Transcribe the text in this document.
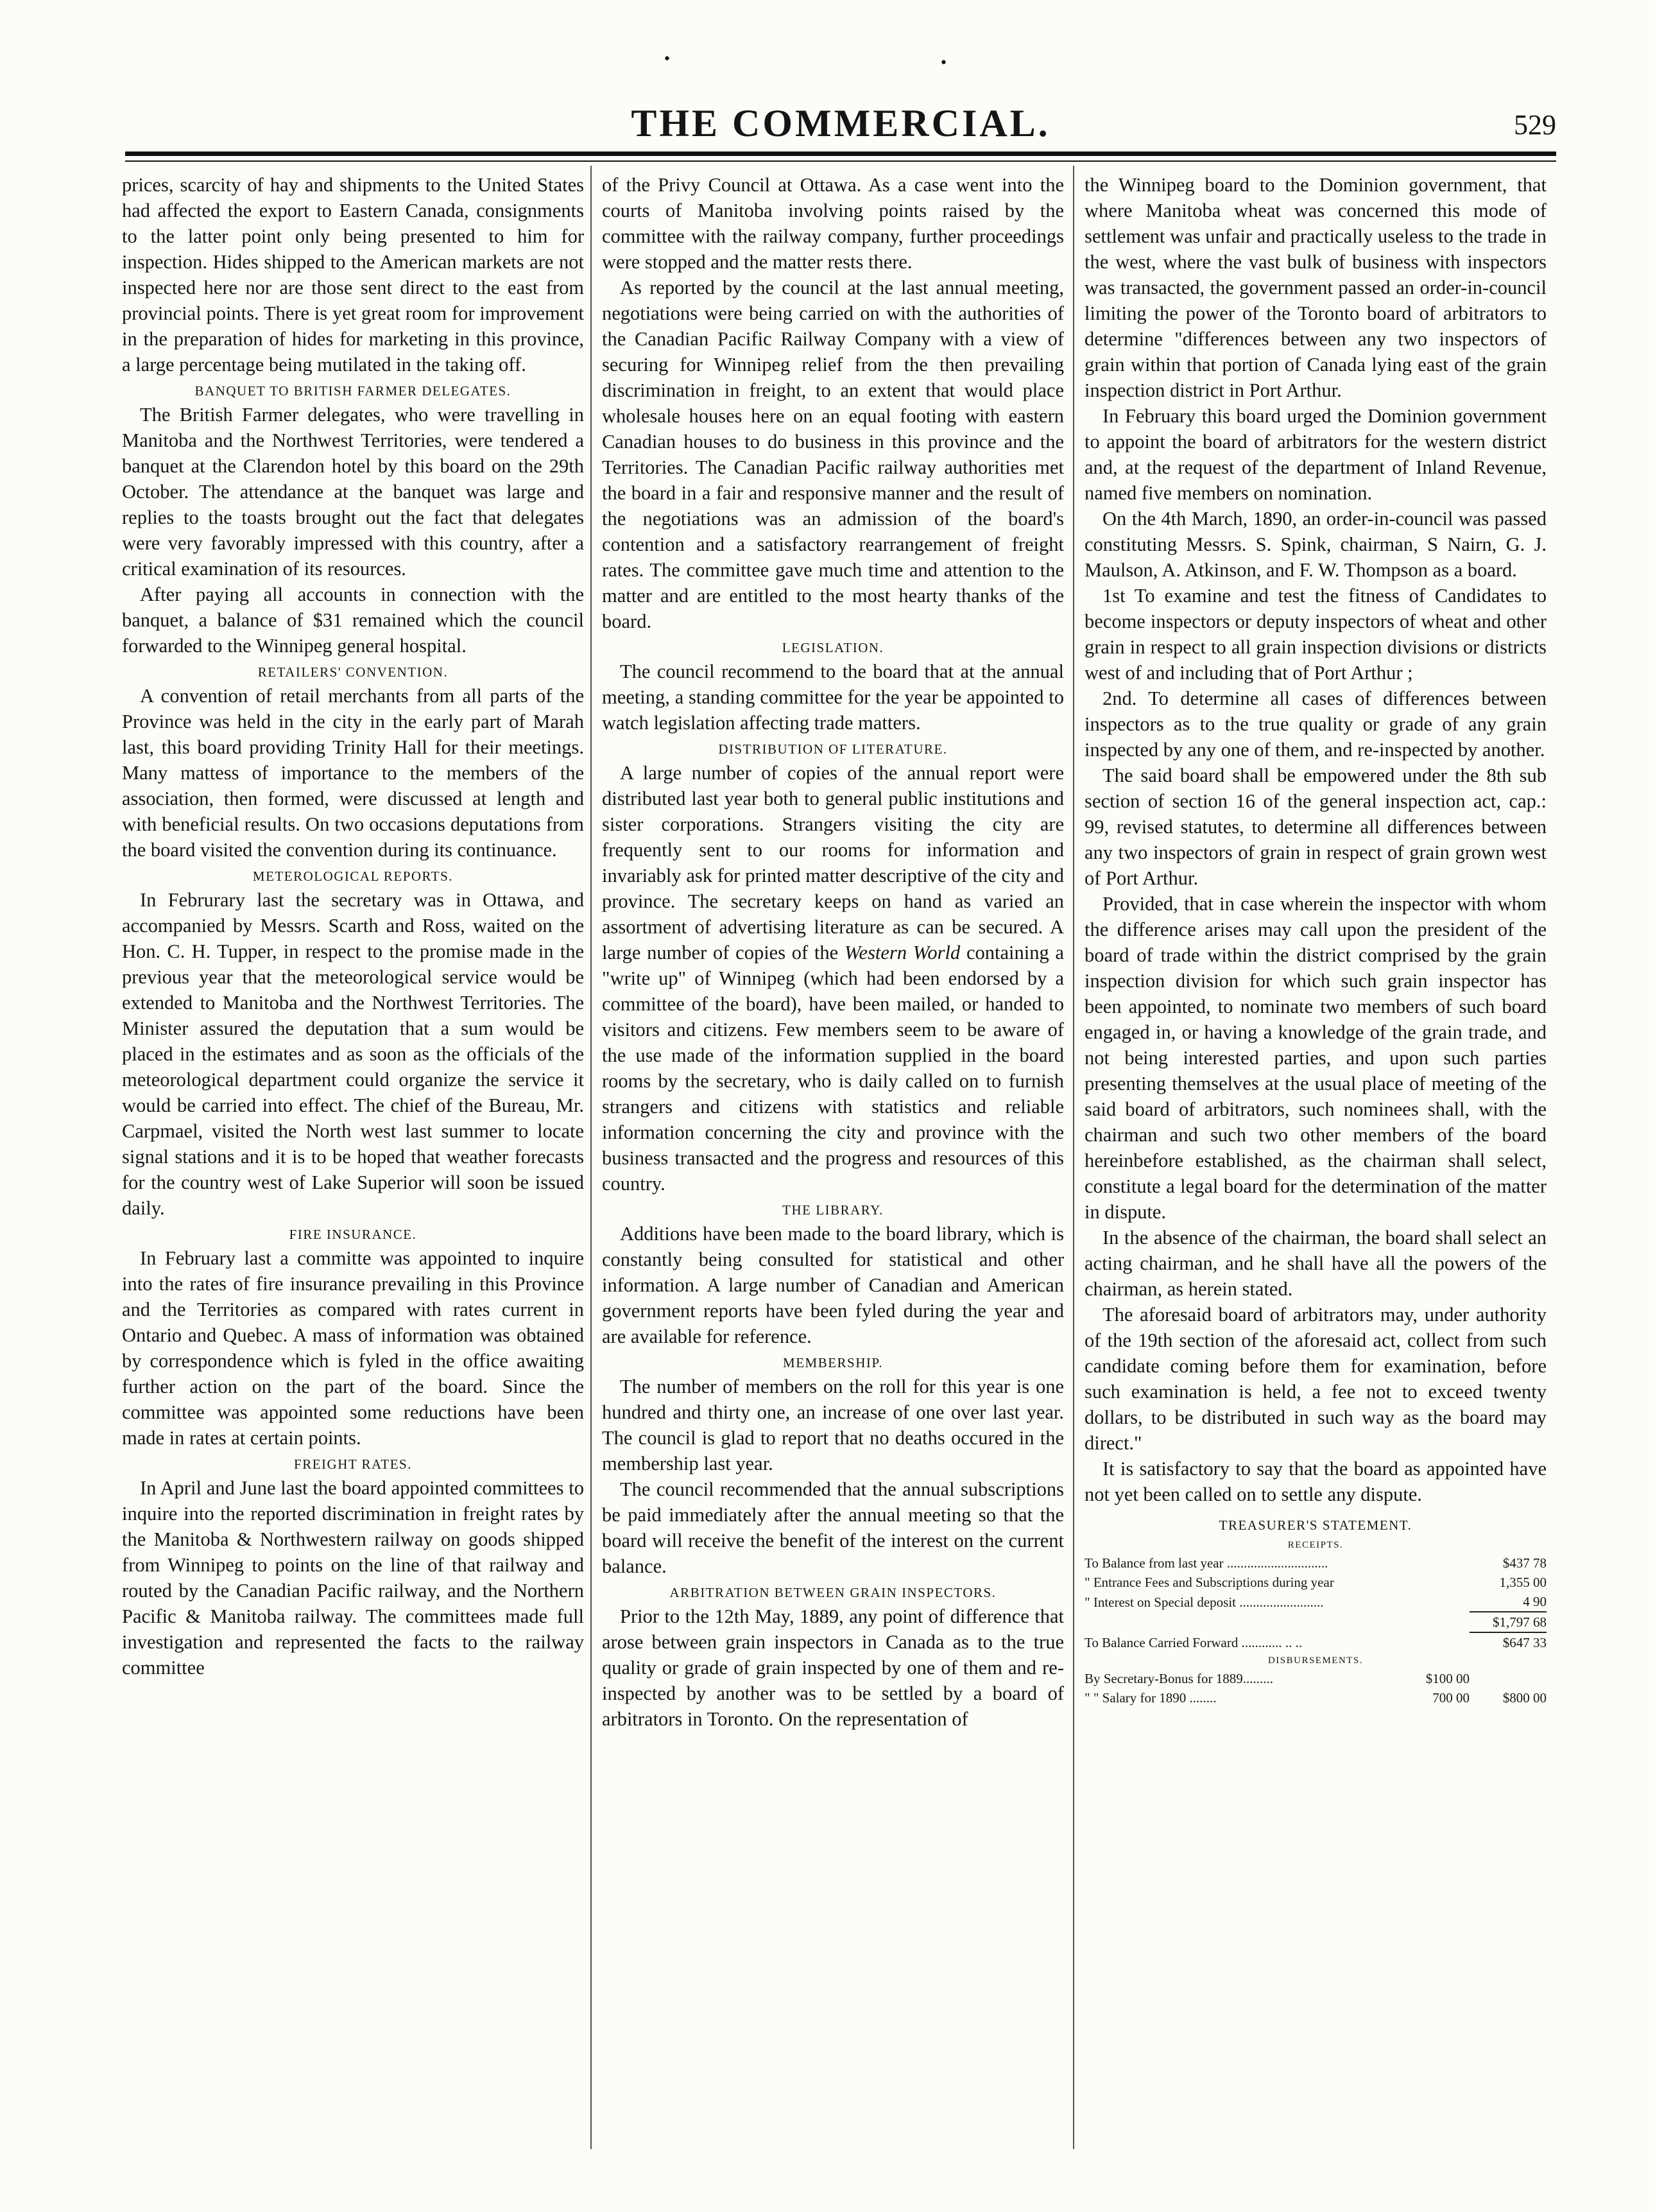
•	•
THE COMMERCIAL.	529

prices, scarcity of hay and shipments to the United States had affected the export to Eastern Canada, consignments to the latter point only being presented to him for inspection. Hides shipped to the American markets are not inspected here nor are those sent direct to the east from provincial points. There is yet great room for improvement in the preparation of hides for marketing in this province, a large percentage being mutilated in the taking off.

BANQUET TO BRITISH FARMER DELEGATES.

The British Farmer delegates, who were travelling in Manitoba and the Northwest Territories, were tendered a banquet at the Clarendon hotel by this board on the 29th October. The attendance at the banquet was large and replies to the toasts brought out the fact that delegates were very favorably impressed with this country, after a critical examination of its resources.

After paying all accounts in connection with the banquet, a balance of $31 remained which the council forwarded to the Winnipeg general hospital.

RETAILERS' CONVENTION.

A convention of retail merchants from all parts of the Province was held in the city in the early part of Marah last, this board providing Trinity Hall for their meetings. Many mattess of importance to the members of the association, then formed, were discussed at length and with beneficial results. On two occasions deputations from the board visited the convention during its continuance.

METEROLOGICAL REPORTS.

In Februrary last the secretary was in Ottawa, and accompanied by Messrs. Scarth and Ross, waited on the Hon. C. H. Tupper, in respect to the promise made in the previous year that the meteorological service would be extended to Manitoba and the Northwest Territories. The Minister assured the deputation that a sum would be placed in the estimates and as soon as the officials of the meteorological department could organize the service it would be carried into effect. The chief of the Bureau, Mr. Carpmael, visited the North west last summer to locate signal stations and it is to be hoped that weather forecasts for the country west of Lake Superior will soon be issued daily.

FIRE INSURANCE.

In February last a committe was appointed to inquire into the rates of fire insurance prevailing in this Province and the Territories as compared with rates current in Ontario and Quebec. A mass of information was obtained by correspondence which is fyled in the office awaiting further action on the part of the board. Since the committee was appointed some reductions have been made in rates at certain points.

FREIGHT RATES.

In April and June last the board appointed committees to inquire into the reported discrimination in freight rates by the Manitoba & Northwestern railway on goods shipped from Winnipeg to points on the line of that railway and routed by the Canadian Pacific railway, and the Northern Pacific & Manitoba railway. The committees made full investigation and represented the facts to the railway committee

of the Privy Council at Ottawa. As a case went into the courts of Manitoba involving points raised by the committee with the railway company, further proceedings were stopped and the matter rests there.

As reported by the council at the last annual meeting, negotiations were being carried on with the authorities of the Canadian Pacific Railway Company with a view of securing for Winnipeg relief from the then prevailing discrimination in freight, to an extent that would place wholesale houses here on an equal footing with eastern Canadian houses to do business in this province and the Territories. The Canadian Pacific railway authorities met the board in a fair and responsive manner and the result of the negotiations was an admission of the board's contention and a satisfactory rearrangement of freight rates. The committee gave much time and attention to the matter and are entitled to the most hearty thanks of the board.

LEGISLATION.

The council recommend to the board that at the annual meeting, a standing committee for the year be appointed to watch legislation affecting trade matters.

DISTRIBUTION OF LITERATURE.

A large number of copies of the annual report were distributed last year both to general public institutions and sister corporations. Strangers visiting the city are frequently sent to our rooms for information and invariably ask for printed matter descriptive of the city and province. The secretary keeps on hand as varied an assortment of advertising literature as can be secured. A large number of copies of the Western World containing a "write up" of Winnipeg (which had been endorsed by a committee of the board), have been mailed, or handed to visitors and citizens. Few members seem to be aware of the use made of the information supplied in the board rooms by the secretary, who is daily called on to furnish strangers and citizens with statistics and reliable information concerning the city and province with the business transacted and the progress and resources of this country.

THE LIBRARY.

Additions have been made to the board library, which is constantly being consulted for statistical and other information. A large number of Canadian and American government reports have been fyled during the year and are available for reference.

MEMBERSHIP.

The number of members on the roll for this year is one hundred and thirty one, an increase of one over last year. The council is glad to report that no deaths occured in the membership last year.

The council recommended that the annual subscriptions be paid immediately after the annual meeting so that the board will receive the benefit of the interest on the current balance.

ARBITRATION BETWEEN GRAIN INSPECTORS.

Prior to the 12th May, 1889, any point of difference that arose between grain inspectors in Canada as to the true quality or grade of grain inspected by one of them and re-inspected by another was to be settled by a board of arbitrators in Toronto. On the representation of

the Winnipeg board to the Dominion government, that where Manitoba wheat was concerned this mode of settlement was unfair and practically useless to the trade in the west, where the vast bulk of business with inspectors was transacted, the government passed an order-in-council limiting the power of the Toronto board of arbitrators to determine "differences between any two inspectors of grain within that portion of Canada lying east of the grain inspection district in Port Arthur.

In February this board urged the Dominion government to appoint the board of arbitrators for the western district and, at the request of the department of Inland Revenue, named five members on nomination.

On the 4th March, 1890, an order-in-council was passed constituting Messrs. S. Spink, chairman, S Nairn, G. J. Maulson, A. Atkinson, and F. W. Thompson as a board.

1st To examine and test the fitness of Candidates to become inspectors or deputy inspectors of wheat and other grain in respect to all grain inspection divisions or districts west of and including that of Port Arthur ;

2nd. To determine all cases of differences between inspectors as to the true quality or grade of any grain inspected by any one of them, and re-inspected by another.

The said board shall be empowered under the 8th sub section of section 16 of the general inspection act, cap.: 99, revised statutes, to determine all differences between any two inspectors of grain in respect of grain grown west of Port Arthur.

Provided, that in case wherein the inspector with whom the difference arises may call upon the president of the board of trade within the district comprised by the grain inspection division for which such grain inspector has been appointed, to nominate two members of such board engaged in, or having a knowledge of the grain trade, and not being interested parties, and upon such parties presenting themselves at the usual place of meeting of the said board of arbitrators, such nominees shall, with the chairman and such two other members of the board hereinbefore established, as the chairman shall select, constitute a legal board for the determination of the matter in dispute.

In the absence of the chairman, the board shall select an acting chairman, and he shall have all the powers of the chairman, as herein stated.

The aforesaid board of arbitrators may, under authority of the 19th section of the aforesaid act, collect from such candidate coming before them for examination, before such examination is held, a fee not to exceed twenty dollars, to be distributed in such way as the board may direct."

It is satisfactory to say that the board as appointed have not yet been called on to settle any dispute.

TREASURER'S STATEMENT.
RECEIPTS.
To Balance from last year ..............................		$437 78
" Entrance Fees and Subscriptions during year		1,355 00
" Interest on Special deposit .........................		4 90
		$1,797 68
To Balance Carried Forward ............ .. ..		$647 33
DISBURSEMENTS.
By Secretary-Bonus for 1889.........	$100 00	
" " Salary for 1890 ........	700 00	$800 00
